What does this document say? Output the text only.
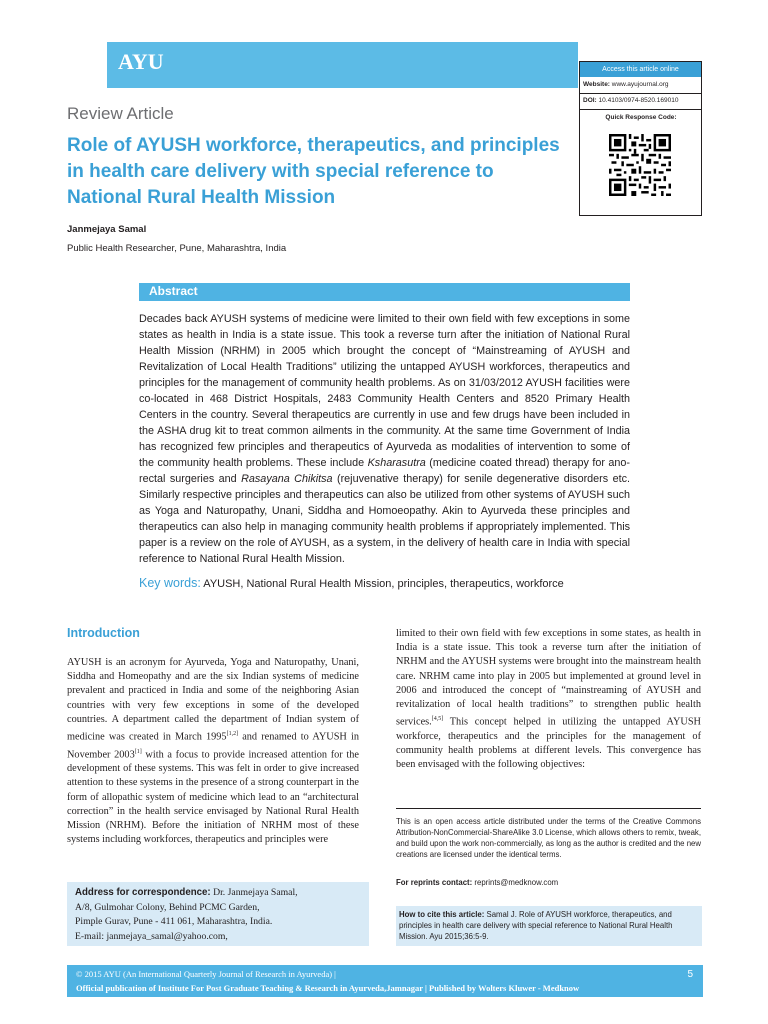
AYU
Review Article
Role of AYUSH workforce, therapeutics, and principles in health care delivery with special reference to National Rural Health Mission
Janmejaya Samal
Public Health Researcher, Pune, Maharashtra, India
Access this article online
Website: www.ayujournal.org
DOI: 10.4103/0974-8520.169010
Quick Response Code:
Abstract
Decades back AYUSH systems of medicine were limited to their own field with few exceptions in some states as health in India is a state issue. This took a reverse turn after the initiation of National Rural Health Mission (NRHM) in 2005 which brought the concept of “Mainstreaming of AYUSH and Revitalization of Local Health Traditions” utilizing the untapped AYUSH workforces, therapeutics and principles for the management of community health problems. As on 31/03/2012 AYUSH facilities were co-located in 468 District Hospitals, 2483 Community Health Centers and 8520 Primary Health Centers in the country. Several therapeutics are currently in use and few drugs have been included in the ASHA drug kit to treat common ailments in the community. At the same time Government of India has recognized few principles and therapeutics of Ayurveda as modalities of intervention to some of the community health problems. These include Ksharasutra (medicine coated thread) therapy for ano-rectal surgeries and Rasayana Chikitsa (rejuvenative therapy) for senile degenerative disorders etc. Similarly respective principles and therapeutics can also be utilized from other systems of AYUSH such as Yoga and Naturopathy, Unani, Siddha and Homoeopathy. Akin to Ayurveda these principles and therapeutics can also help in managing community health problems if appropriately implemented. This paper is a review on the role of AYUSH, as a system, in the delivery of health care in India with special reference to National Rural Health Mission.
Key words: AYUSH, National Rural Health Mission, principles, therapeutics, workforce
Introduction
AYUSH is an acronym for Ayurveda, Yoga and Naturopathy, Unani, Siddha and Homeopathy and are the six Indian systems of medicine prevalent and practiced in India and some of the neighboring Asian countries with very few exceptions in some of the developed countries. A department called the department of Indian system of medicine was created in March 1995[1,2] and renamed to AYUSH in November 2003[1] with a focus to provide increased attention for the development of these systems. This was felt in order to give increased attention to these systems in the presence of a strong counterpart in the form of allopathic system of medicine which lead to an “architectural correction” in the health service envisaged by National Rural Health Mission (NRHM). Before the initiation of NRHM most of these systems including workforces, therapeutics and principles were
limited to their own field with few exceptions in some states, as health in India is a state issue. This took a reverse turn after the initiation of NRHM and the AYUSH systems were brought into the mainstream health care. NRHM came into play in 2005 but implemented at ground level in 2006 and introduced the concept of “mainstreaming of AYUSH and revitalization of local health traditions” to strengthen public health services.[4,5] This concept helped in utilizing the untapped AYUSH workforce, therapeutics and the principles for the management of community health problems at different levels. This convergence has been envisaged with the following objectives:
This is an open access article distributed under the terms of the Creative Commons Attribution-NonCommercial-ShareAlike 3.0 License, which allows others to remix, tweak, and build upon the work non-commercially, as long as the author is credited and the new creations are licensed under the identical terms.
For reprints contact: reprints@medknow.com
How to cite this article: Samal J. Role of AYUSH workforce, therapeutics, and principles in health care delivery with special reference to National Rural Health Mission. Ayu 2015;36:5-9.
Address for correspondence: Dr. Janmejaya Samal,
A/8, Gulmohar Colony, Behind PCMC Garden,
Pimple Gurav, Pune - 411 061, Maharashtra, India.
E-mail: janmejaya_samal@yahoo.com,
© 2015 AYU (An International Quarterly Journal of Research in Ayurveda) |
Official publication of Institute For Post Graduate Teaching & Research in Ayurveda,Jamnagar | Published by Wolters Kluwer - Medknow
5
